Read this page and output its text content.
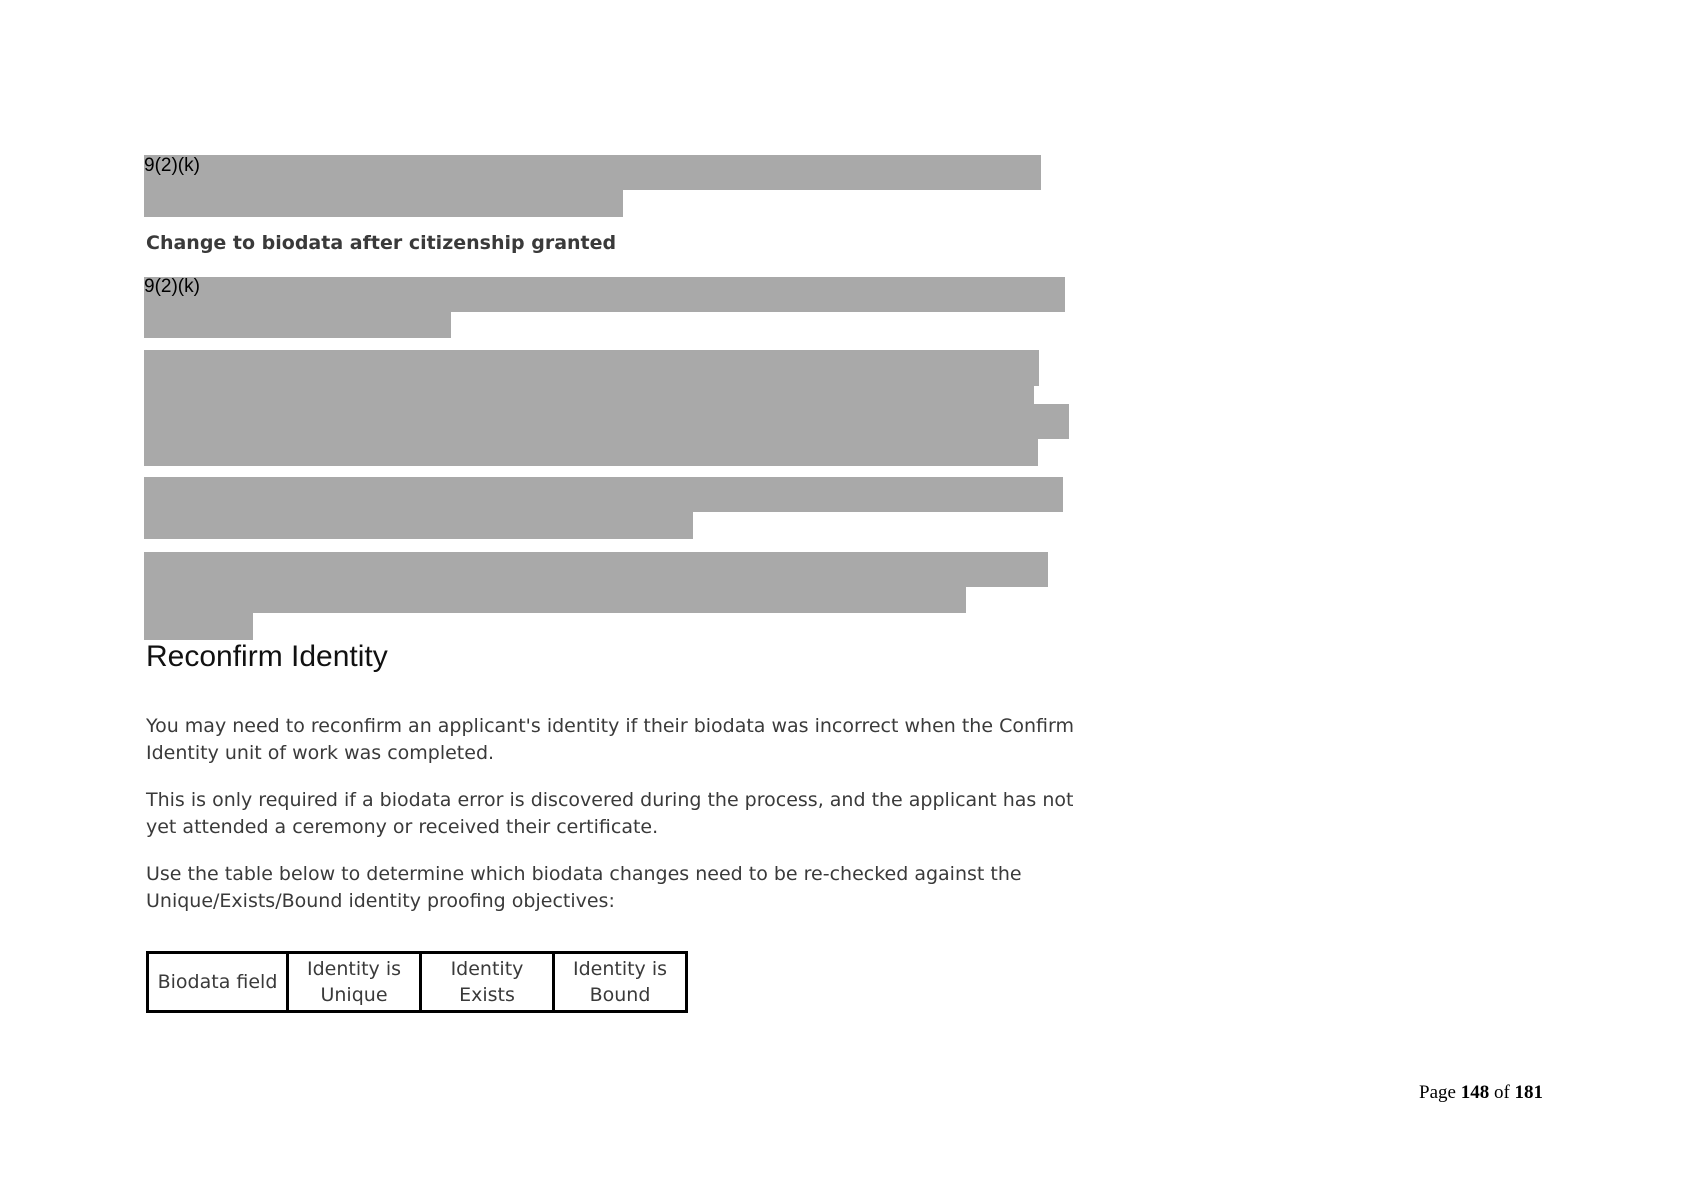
9(2)(k)
Change to biodata after citizenship granted
9(2)(k)
Reconfirm Identity

You may need to reconfirm an applicant's identity if their biodata was incorrect when the Confirm Identity unit of work was completed.

This is only required if a biodata error is discovered during the process, and the applicant has not yet attended a ceremony or received their certificate.

Use the table below to determine which biodata changes need to be re-checked against the Unique/Exists/Bound identity proofing objectives:

Biodata field	Identity is Unique	Identity Exists	Identity is Bound
Page 148 of 181
